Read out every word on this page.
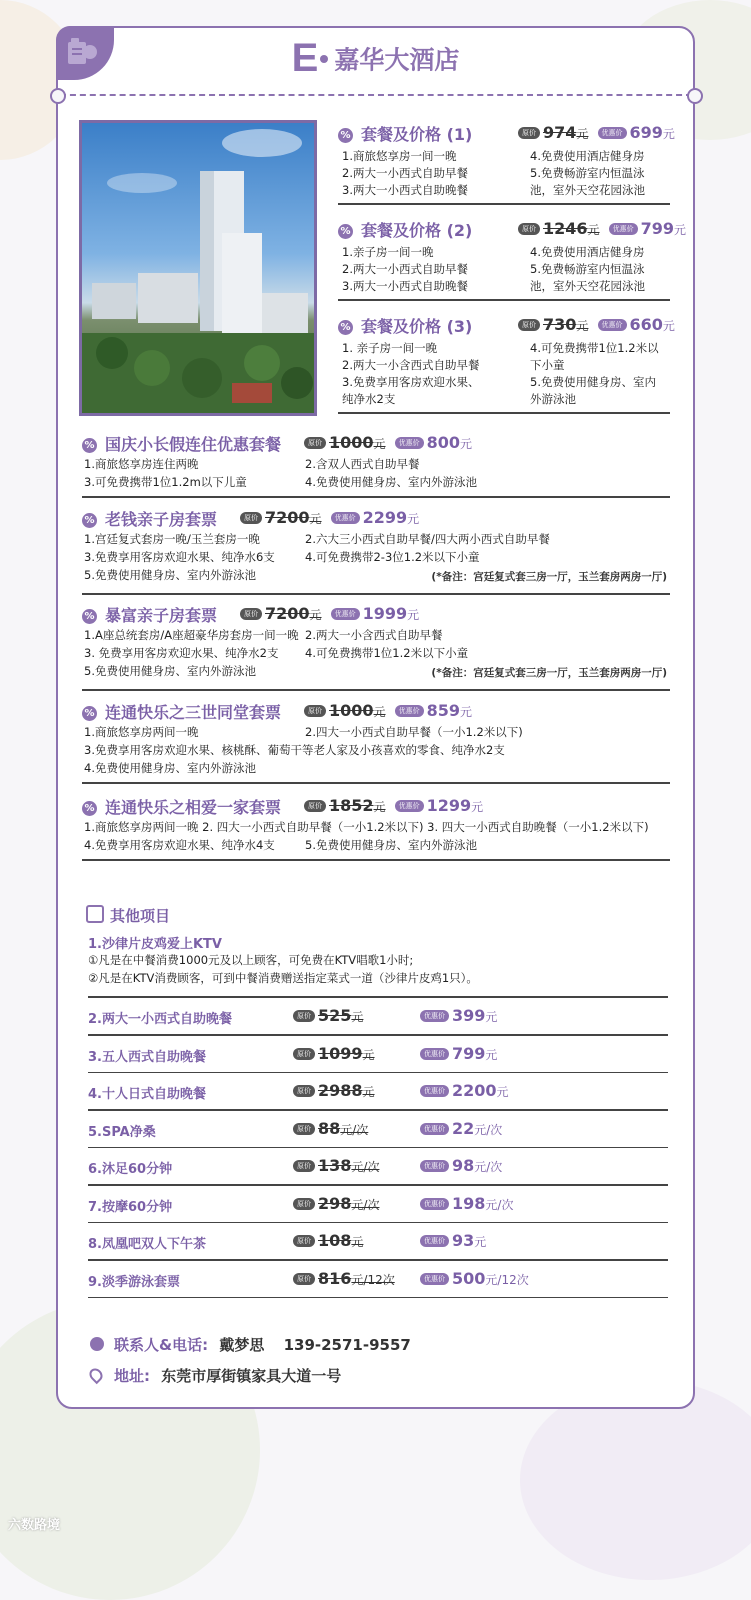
E嘉华大酒店
% 套餐及价格 (1)	原价 974元 优惠价 699元
1.商旅悠享房一间一晚
2.两大一小西式自助早餐
3.两大一小西式自助晚餐
4.免费使用酒店健身房
5.免费畅游室内恒温泳
池，室外天空花园泳池
% 套餐及价格 (2)	原价 1246元 优惠价 799元
1.亲子房一间一晚
2.两大一小西式自助早餐
3.两大一小西式自助晚餐
4.免费使用酒店健身房
5.免费畅游室内恒温泳
池，室外天空花园泳池
% 套餐及价格 (3)	原价 730元 优惠价 660元
1. 亲子房一间一晚
2.两大一小含西式自助早餐
3.免费享用客房欢迎水果、
纯净水2支
4.可免费携带1位1.2米以
下小童
5.免费使用健身房、室内
外游泳池
% 国庆小长假连住优惠套餐	原价 1000元 优惠价 800元
1.商旅悠享房连住两晚	2.含双人西式自助早餐
3.可免费携带1位1.2m以下儿童	4.免费使用健身房、室内外游泳池
% 老钱亲子房套票	原价 7200元 优惠价 2299元
1.宫廷复式套房一晚/玉兰套房一晚	2.六大三小西式自助早餐/四大两小西式自助早餐
3.免费享用客房欢迎水果、纯净水6支	4.可免费携带2-3位1.2米以下小童
5.免费使用健身房、室内外游泳池	(*备注：宫廷复式套三房一厅，玉兰套房两房一厅)
% 暴富亲子房套票	原价 7200元 优惠价 1999元
1.A座总统套房/A座超豪华房套房一间一晚 2.两大一小含西式自助早餐
3. 免费享用客房欢迎水果、纯净水2支 4.可免费携带1位1.2米以下小童
5.免费使用健身房、室内外游泳池	(*备注：宫廷复式套三房一厅，玉兰套房两房一厅)
% 连通快乐之三世同堂套票	原价 1000元 优惠价 859元
1.商旅悠享房两间一晚	2.四大一小西式自助早餐（一小1.2米以下)
3.免费享用客房欢迎水果、核桃酥、葡萄干等老人家及小孩喜欢的零食、纯净水2支
4.免费使用健身房、室内外游泳池
% 连通快乐之相爱一家套票	原价 1852元 优惠价 1299元
1.商旅悠享房两间一晚 2. 四大一小西式自助早餐（一小1.2米以下) 3. 四大一小西式自助晚餐（一小1.2米以下)
4.免费享用客房欢迎水果、纯净水4支	5.免费使用健身房、室内外游泳池
其他项目
1.沙律片皮鸡爱上KTV
①凡是在中餐消费1000元及以上顾客，可免费在KTV唱歌1小时;
②凡是在KTV消费顾客，可到中餐消费赠送指定菜式一道（沙律片皮鸡1只）。
2.两大一小西式自助晚餐	原价 525元	优惠价 399元
3.五人西式自助晚餐	原价 1099元	优惠价 799元
4.十人日式自助晚餐	原价 2988元	优惠价 2200元
5.SPA净桑	原价 88元/次	优惠价 22元/次
6.沐足60分钟	原价 138元/次	优惠价 98元/次
7.按摩60分钟	原价 298元/次	优惠价 198元/次
8.凤凰吧双人下午茶	原价 108元	优惠价 93元
9.淡季游泳套票	原价 816元/12次	优惠价 500元/12次
联系人&电话: 戴梦思 139-2571-9557
地址: 东莞市厚街镇家具大道一号
六数路境
